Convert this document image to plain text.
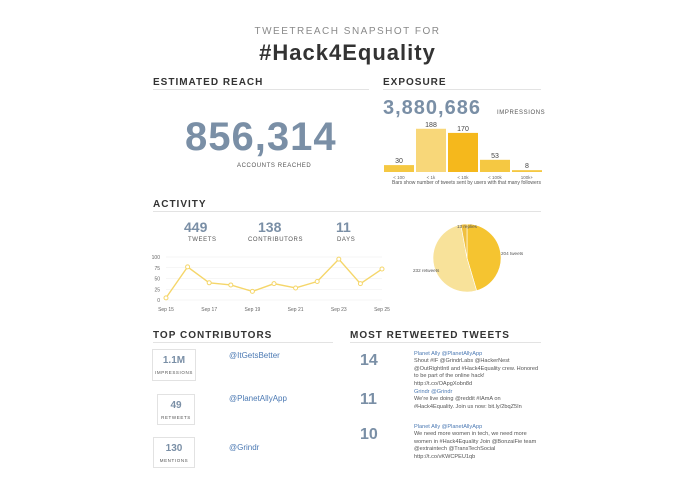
TWEETREACH SNAPSHOT FOR
#Hack4Equality
ESTIMATED REACH
856,314
ACCOUNTS REACHED
EXPOSURE
3,880,686	IMPRESSIONS
30
< 100
188
< 1k
170
< 10k
53
< 100k
8
100k+
Bars show number of tweets sent by users with that many followers
ACTIVITY
449
TWEETS
138
CONTRIBUTORS
11
DAYS
0
25
50
75
100
Sep 15	Sep 17	Sep 19	Sep 21	Sep 23	Sep 25
204 tweets
232 retweets
13 replies
TOP CONTRIBUTORS
1.1M
IMPRESSIONS
@ItGetsBetter
49
RETWEETS
@PlanetAllyApp
130
MENTIONS
@Grindr
MOST RETWEETED TWEETS
14	Planet Ally @PlanetAllyApp
Shout #IF @GrindrLabs @HackerNest @OutRightIntl and #Hack4Equality crew. Honored to be part of the online hack! http://t.co/OApgXobn8d
11	Grindr @Grindr
We're live doing @reddit #IAmA on #Hack4Equality. Join us now: bit.ly/2bqZ5In
10	Planet Ally @PlanetAllyApp
We need more women in tech, we need more women in #Hack4Equality Join @BonzaiFie team @extraintech @TransTechSocial http://t.co/vKWCPEU1qb
